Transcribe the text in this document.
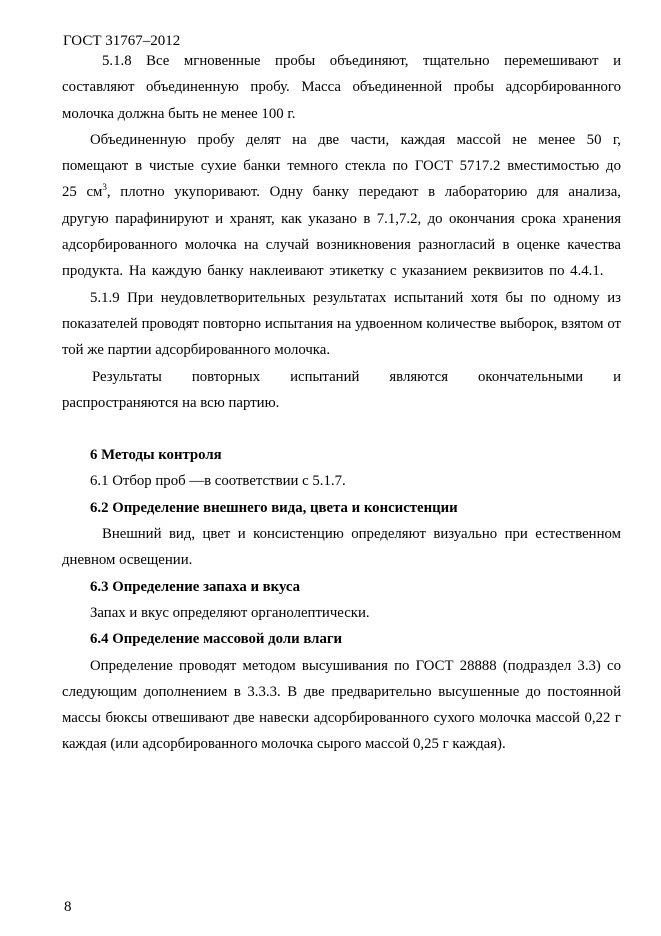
ГОСТ 31767–2012

5.1.8 Все мгновенные пробы объединяют, тщательно перемешивают и составляют объединенную пробу. Масса объединенной пробы адсорбированного молочка должна быть не менее 100 г.

Объединенную пробу делят на две части, каждая массой не менее 50 г, помещают в чистые сухие банки темного стекла по ГОСТ 5717.2 вместимостью до 25 $см^3$, плотно укупоривают. Одну банку передают в лабораторию для анализа, другую парафинируют и хранят, как указано в 7.1,7.2, до окончания срока хранения адсорбированного молочка на случай возникновения разногласий в оценке качества продукта. На каждую банку наклеивают этикетку с указанием реквизитов по 4.4.1.

5.1.9 При неудовлетворительных результатах испытаний хотя бы по одному из показателей проводят повторно испытания на удвоенном количестве выборок, взятом от той же партии адсорбированного молочка.

Результаты повторных испытаний являются окончательными и

распространяются на всю партию.

6 Методы контроля

6.1 Отбор проб —в соответствии с 5.1.7.

6.2 Определение внешнего вида, цвета и консистенции

Внешний вид, цвет и консистенцию определяют визуально при естественном дневном освещении.

6.3 Определение запаха и вкуса

Запах и вкус определяют органолептически.

6.4 Определение массовой доли влаги

Определение проводят методом высушивания по ГОСТ 28888 (подраздел 3.3) со следующим дополнением в 3.3.3. В две предварительно высушенные до постоянной массы бюксы отвешивают две навески адсорбированного сухого молочка массой 0,22 г каждая (или адсорбированного молочка сырого массой 0,25 г каждая).

8
